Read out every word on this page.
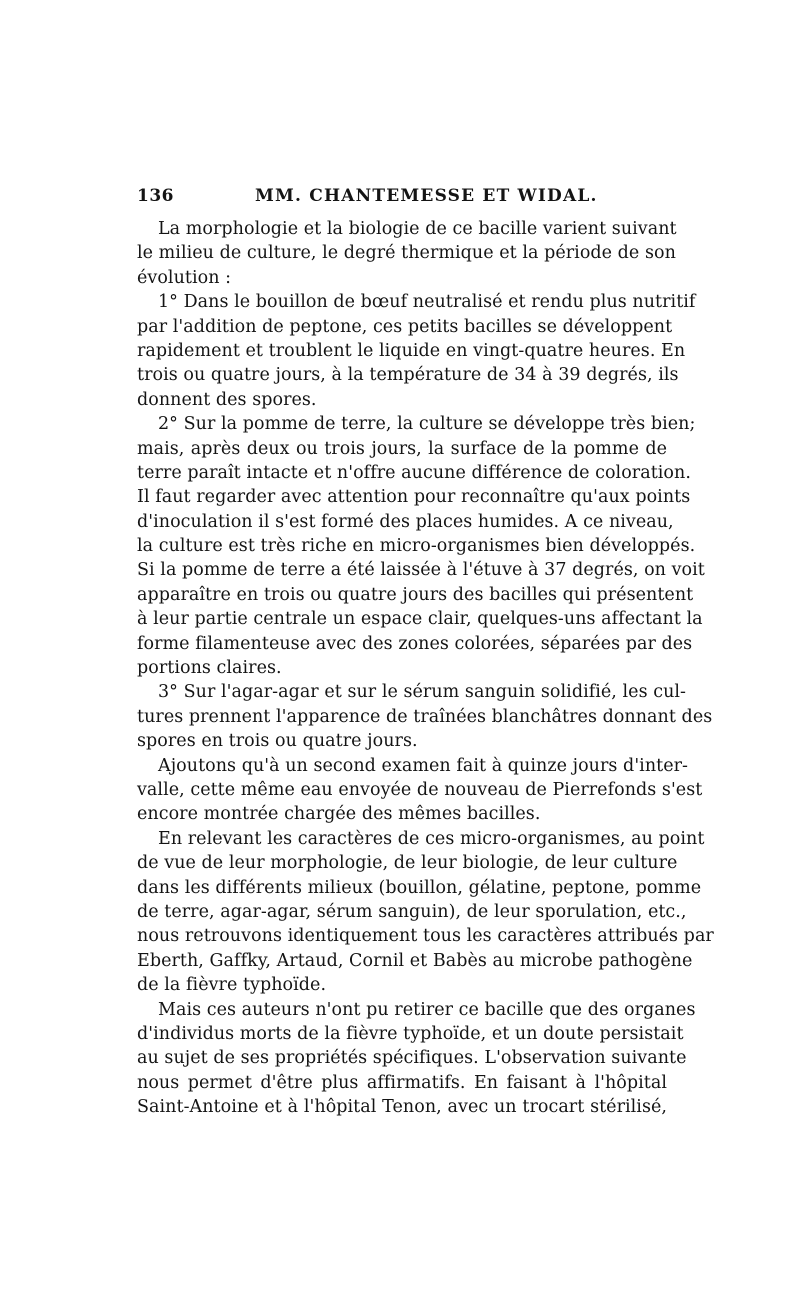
136	MM. CHANTEMESSE ET WIDAL.
La morphologie et la biologie de ce bacille varient suivant
le milieu de culture, le degré thermique et la période de son
évolution :
1° Dans le bouillon de bœuf neutralisé et rendu plus nutritif
par l'addition de peptone, ces petits bacilles se développent
rapidement et troublent le liquide en vingt-quatre heures. En
trois ou quatre jours, à la température de 34 à 39 degrés, ils
donnent des spores.
2° Sur la pomme de terre, la culture se développe très bien;
mais, après deux ou trois jours, la surface de la pomme de
terre paraît intacte et n'offre aucune différence de coloration.
Il faut regarder avec attention pour reconnaître qu'aux points
d'inoculation il s'est formé des places humides. A ce niveau,
la culture est très riche en micro-organismes bien développés.
Si la pomme de terre a été laissée à l'étuve à 37 degrés, on voit
apparaître en trois ou quatre jours des bacilles qui présentent
à leur partie centrale un espace clair, quelques-uns affectant la
forme filamenteuse avec des zones colorées, séparées par des
portions claires.
3° Sur l'agar-agar et sur le sérum sanguin solidifié, les cul-
tures prennent l'apparence de traînées blanchâtres donnant des
spores en trois ou quatre jours.
Ajoutons qu'à un second examen fait à quinze jours d'inter-
valle, cette même eau envoyée de nouveau de Pierrefonds s'est
encore montrée chargée des mêmes bacilles.
En relevant les caractères de ces micro-organismes, au point
de vue de leur morphologie, de leur biologie, de leur culture
dans les différents milieux (bouillon, gélatine, peptone, pomme
de terre, agar-agar, sérum sanguin), de leur sporulation, etc.,
nous retrouvons identiquement tous les caractères attribués par
Eberth, Gaffky, Artaud, Cornil et Babès au microbe pathogène
de la fièvre typhoïde.
Mais ces auteurs n'ont pu retirer ce bacille que des organes
d'individus morts de la fièvre typhoïde, et un doute persistait
au sujet de ses propriétés spécifiques. L'observation suivante
nous permet d'être plus affirmatifs. En faisant à l'hôpital
Saint-Antoine et à l'hôpital Tenon, avec un trocart stérilisé,
